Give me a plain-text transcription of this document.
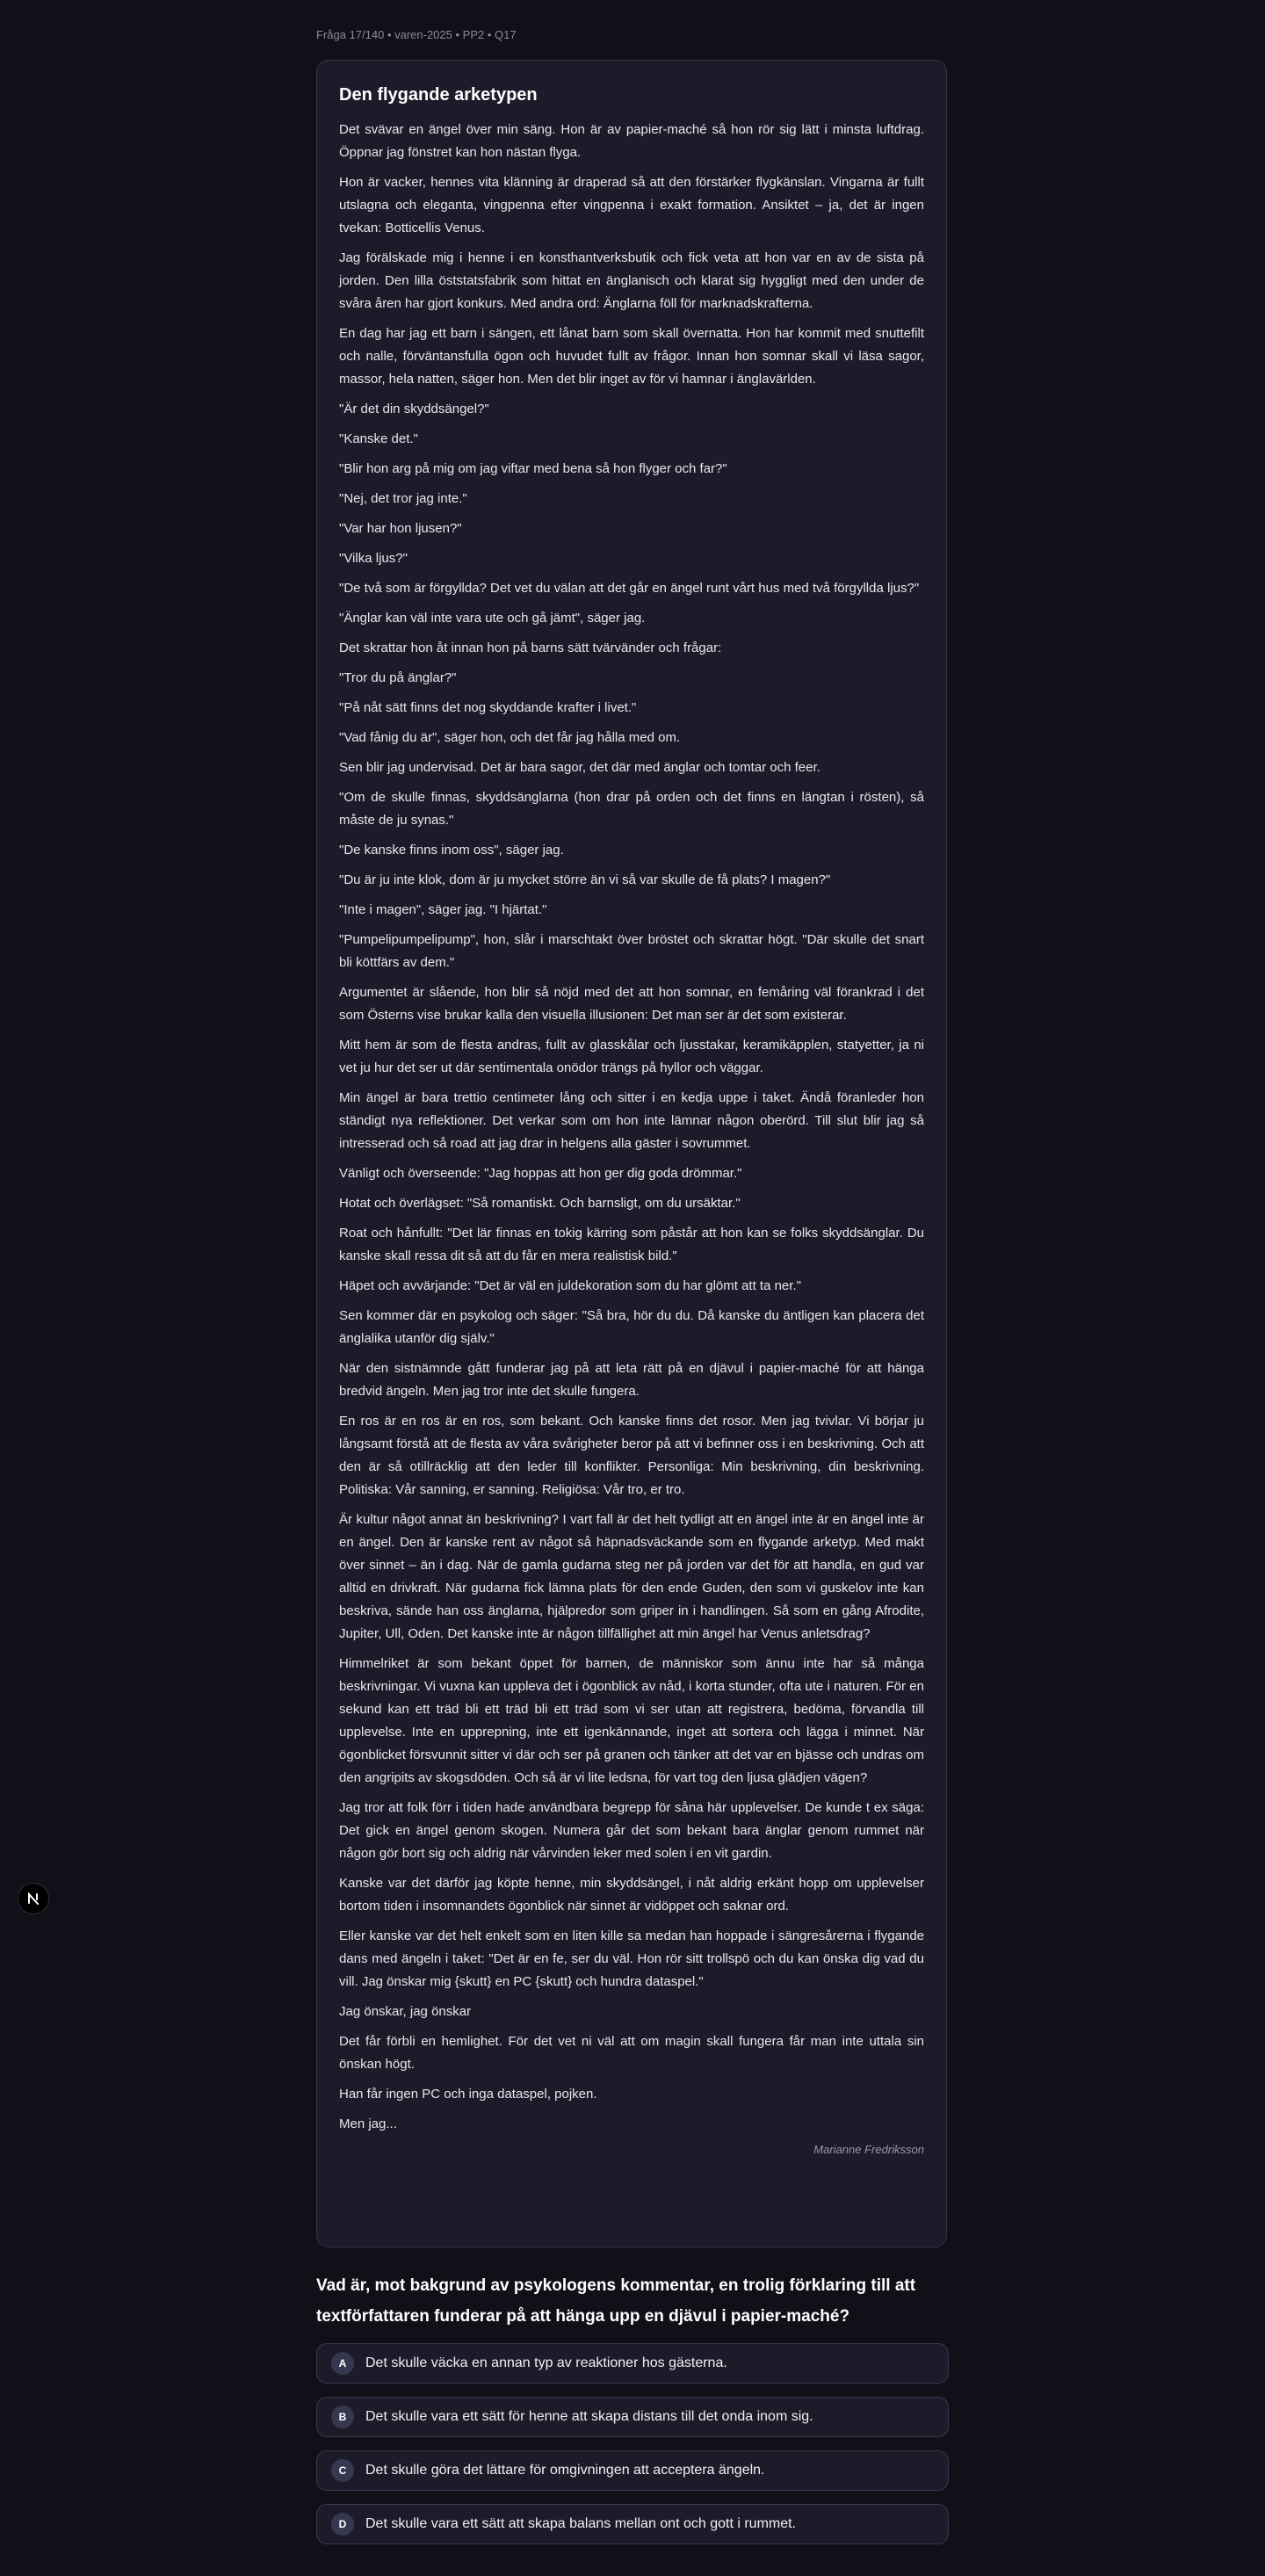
Fråga 17/140 • varen-2025 • PP2 • Q17
Den flygande arketypen

Det svävar en ängel över min säng. Hon är av papier-maché så hon rör sig lätt i minsta luftdrag. Öppnar jag fönstret kan hon nästan flyga.

Hon är vacker, hennes vita klänning är draperad så att den förstärker flygkänslan. Vingarna är fullt utslagna och eleganta, vingpenna efter vingpenna i exakt formation. Ansiktet – ja, det är ingen tvekan: Botticellis Venus.

Jag förälskade mig i henne i en konsthantverksbutik och fick veta att hon var en av de sista på jorden. Den lilla öststatsfabrik som hittat en änglanisch och klarat sig hyggligt med den under de svåra åren har gjort konkurs. Med andra ord: Änglarna föll för marknadskrafterna.

En dag har jag ett barn i sängen, ett lånat barn som skall övernatta. Hon har kommit med snuttefilt och nalle, förväntansfulla ögon och huvudet fullt av frågor. Innan hon somnar skall vi läsa sagor, massor, hela natten, säger hon. Men det blir inget av för vi hamnar i änglavärlden.

"Är det din skyddsängel?"

"Kanske det."

"Blir hon arg på mig om jag viftar med bena så hon flyger och far?"

"Nej, det tror jag inte."

"Var har hon ljusen?"

"Vilka ljus?"

"De två som är förgyllda? Det vet du välan att det går en ängel runt vårt hus med två förgyllda ljus?"

"Änglar kan väl inte vara ute och gå jämt", säger jag.

Det skrattar hon åt innan hon på barns sätt tvärvänder och frågar:

"Tror du på änglar?"

"På nåt sätt finns det nog skyddande krafter i livet."

"Vad fånig du är", säger hon, och det får jag hålla med om.

Sen blir jag undervisad. Det är bara sagor, det där med änglar och tomtar och feer.

"Om de skulle finnas, skyddsänglarna (hon drar på orden och det finns en längtan i rösten), så måste de ju synas."

"De kanske finns inom oss", säger jag.

"Du är ju inte klok, dom är ju mycket större än vi så var skulle de få plats? I magen?"

"Inte i magen", säger jag. "I hjärtat."

"Pumpelipumpelipump", hon, slår i marschtakt över bröstet och skrattar högt. "Där skulle det snart bli köttfärs av dem."

Argumentet är slående, hon blir så nöjd med det att hon somnar, en femåring väl förankrad i det som Österns vise brukar kalla den visuella illusionen: Det man ser är det som existerar.

Mitt hem är som de flesta andras, fullt av glasskålar och ljusstakar, keramikäpplen, statyetter, ja ni vet ju hur det ser ut där sentimentala onödor trängs på hyllor och väggar.

Min ängel är bara trettio centimeter lång och sitter i en kedja uppe i taket. Ändå föranleder hon ständigt nya reflektioner. Det verkar som om hon inte lämnar någon oberörd. Till slut blir jag så intresserad och så road att jag drar in helgens alla gäster i sovrummet.

Vänligt och överseende: "Jag hoppas att hon ger dig goda drömmar."

Hotat och överlägset: "Så romantiskt. Och barnsligt, om du ursäktar."

Roat och hånfullt: "Det lär finnas en tokig kärring som påstår att hon kan se folks skyddsänglar. Du kanske skall ressa dit så att du får en mera realistisk bild."

Häpet och avvärjande: "Det är väl en juldekoration som du har glömt att ta ner."

Sen kommer där en psykolog och säger: "Så bra, hör du du. Då kanske du äntligen kan placera det änglalika utanför dig själv."

När den sistnämnde gått funderar jag på att leta rätt på en djävul i papier-maché för att hänga bredvid ängeln. Men jag tror inte det skulle fungera.

En ros är en ros är en ros, som bekant. Och kanske finns det rosor. Men jag tvivlar. Vi börjar ju långsamt förstå att de flesta av våra svårigheter beror på att vi befinner oss i en beskrivning. Och att den är så otillräcklig att den leder till konflikter. Personliga: Min beskrivning, din beskrivning. Politiska: Vår sanning, er sanning. Religiösa: Vår tro, er tro.

Är kultur något annat än beskrivning? I vart fall är det helt tydligt att en ängel inte är en ängel inte är en ängel. Den är kanske rent av något så häpnadsväckande som en flygande arketyp. Med makt över sinnet – än i dag. När de gamla gudarna steg ner på jorden var det för att handla, en gud var alltid en drivkraft. När gudarna fick lämna plats för den ende Guden, den som vi guskelov inte kan beskriva, sände han oss änglarna, hjälpredor som griper in i handlingen. Så som en gång Afrodite, Jupiter, Ull, Oden. Det kanske inte är någon tillfällighet att min ängel har Venus anletsdrag?

Himmelriket är som bekant öppet för barnen, de människor som ännu inte har så många beskrivningar. Vi vuxna kan uppleva det i ögonblick av nåd, i korta stunder, ofta ute i naturen. För en sekund kan ett träd bli ett träd bli ett träd som vi ser utan att registrera, bedöma, förvandla till upplevelse. Inte en upprepning, inte ett igenkännande, inget att sortera och lägga i minnet. När ögonblicket försvunnit sitter vi där och ser på granen och tänker att det var en bjässe och undras om den angripits av skogsdöden. Och så är vi lite ledsna, för vart tog den ljusa glädjen vägen?

Jag tror att folk förr i tiden hade användbara begrepp för såna här upplevelser. De kunde t ex säga: Det gick en ängel genom skogen. Numera går det som bekant bara änglar genom rummet när någon gör bort sig och aldrig när vårvinden leker med solen i en vit gardin.

Kanske var det därför jag köpte henne, min skyddsängel, i nåt aldrig erkänt hopp om upplevelser bortom tiden i insomnandets ögonblick när sinnet är vidöppet och saknar ord.

Eller kanske var det helt enkelt som en liten kille sa medan han hoppade i sängresårerna i flygande dans med ängeln i taket: "Det är en fe, ser du väl. Hon rör sitt trollspö och du kan önska dig vad du vill. Jag önskar mig {skutt} en PC {skutt} och hundra dataspel."

Jag önskar, jag önskar

Det får förbli en hemlighet. För det vet ni väl att om magin skall fungera får man inte uttala sin önskan högt.

Han får ingen PC och inga dataspel, pojken.

Men jag...

Marianne Fredriksson
Vad är, mot bakgrund av psykologens kommentar, en trolig förklaring till att textförfattaren funderar på att hänga upp en djävul i papier-maché?
A	Det skulle väcka en annan typ av reaktioner hos gästerna.
B	Det skulle vara ett sätt för henne att skapa distans till det onda inom sig.
C	Det skulle göra det lättare för omgivningen att acceptera ängeln.
D	Det skulle vara ett sätt att skapa balans mellan ont och gott i rummet.
